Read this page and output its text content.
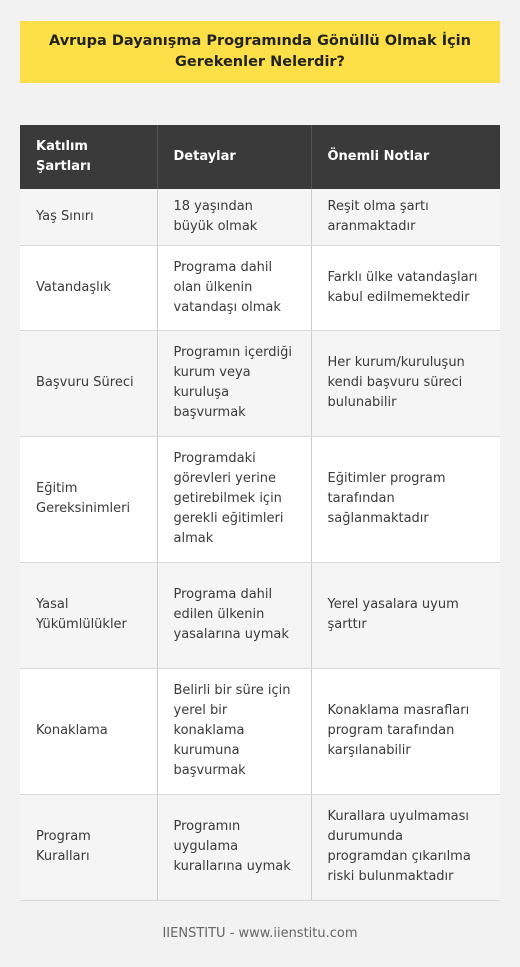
Avrupa Dayanışma Programında Gönüllü Olmak İçin Gerekenler Nelerdir?
Katılım Şartları	Detaylar	Önemli Notlar
Yaş Sınırı	18 yaşından büyük olmak	Reşit olma şartı aranmaktadır
Vatandaşlık	Programa dahil olan ülkenin vatandaşı olmak	Farklı ülke vatandaşları kabul edilmemektedir
Başvuru Süreci	Programın içerdiği kurum veya kuruluşa başvurmak	Her kurum/kuruluşun kendi başvuru süreci bulunabilir
Eğitim Gereksinimleri	Programdaki görevleri yerine getirebilmek için gerekli eğitimleri almak	Eğitimler program tarafından sağlanmaktadır
Yasal Yükümlülükler	Programa dahil edilen ülkenin yasalarına uymak	Yerel yasalara uyum şarttır
Konaklama	Belirli bir süre için yerel bir konaklama kurumuna başvurmak	Konaklama masrafları program tarafından karşılanabilir
Program Kuralları	Programın uygulama kurallarına uymak	Kurallara uyulmaması durumunda programdan çıkarılma riski bulunmaktadır
IIENSTITU - www.iienstitu.com
